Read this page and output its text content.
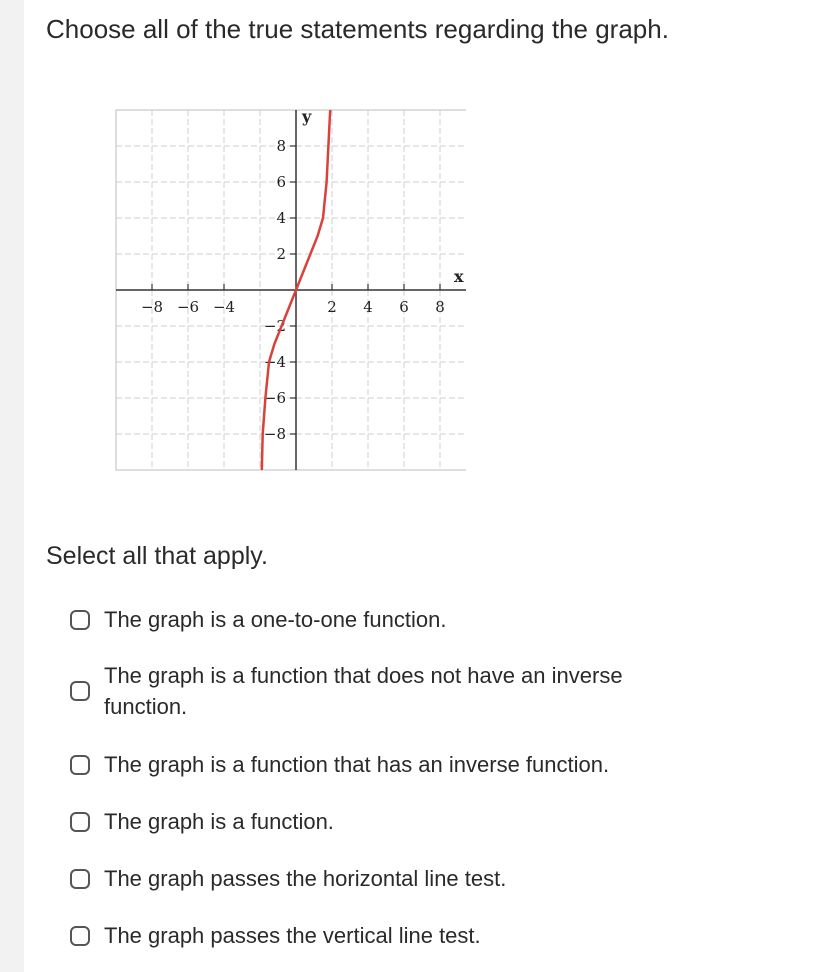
Choose all of the true statements regarding the graph.
−8 −6 −4	2 4 6 8
8
6
4
2
−2
−4
−6
−8
x
y
Select all that apply.
The graph is a one-to-one function.
The graph is a function that does not have an inverse function.
The graph is a function that has an inverse function.
The graph is a function.
The graph passes the horizontal line test.
The graph passes the vertical line test.
